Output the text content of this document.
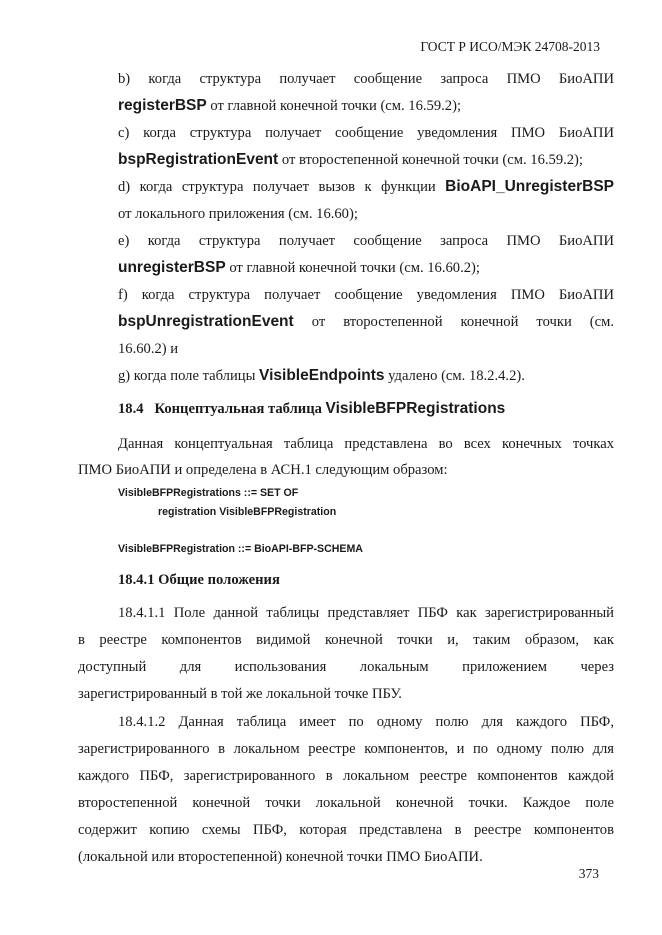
ГОСТ Р ИСО/МЭК 24708-2013
b) когда структура получает сообщение запроса ПМО БиоАПИ
registerBSP от главной конечной точки (см. 16.59.2);
c) когда структура получает сообщение уведомления ПМО БиоАПИ
bspRegistrationEvent от второстепенной конечной точки (см. 16.59.2);
d) когда структура получает вызов к функции BioAPI_UnregisterBSP
от локального приложения (см. 16.60);
e) когда структура получает сообщение запроса ПМО БиоАПИ
unregisterBSP от главной конечной точки (см. 16.60.2);
f) когда структура получает сообщение уведомления ПМО БиоАПИ
bspUnregistrationEvent от второстепенной конечной точки (см.
16.60.2) и
g) когда поле таблицы VisibleEndpoints удалено (см. 18.2.4.2).
18.4 Концептуальная таблица VisibleBFPRegistrations
Данная концептуальная таблица представлена во всех конечных точках
ПМО БиоАПИ и определена в АСН.1 следующим образом:
VisibleBFPRegistrations ::= SET OF
registration VisibleBFPRegistration
VisibleBFPRegistration ::= BioAPI-BFP-SCHEMA
18.4.1 Общие положения
18.4.1.1 Поле данной таблицы представляет ПБФ как зарегистрированный
в реестре компонентов видимой конечной точки и, таким образом, как
доступный для использования локальным приложением через
зарегистрированный в той же локальной точке ПБУ.
18.4.1.2 Данная таблица имеет по одному полю для каждого ПБФ,
зарегистрированного в локальном реестре компонентов, и по одному полю для
каждого ПБФ, зарегистрированного в локальном реестре компонентов каждой
второстепенной конечной точки локальной конечной точки. Каждое поле
содержит копию схемы ПБФ, которая представлена в реестре компонентов
(локальной или второстепенной) конечной точки ПМО БиоАПИ.
373
